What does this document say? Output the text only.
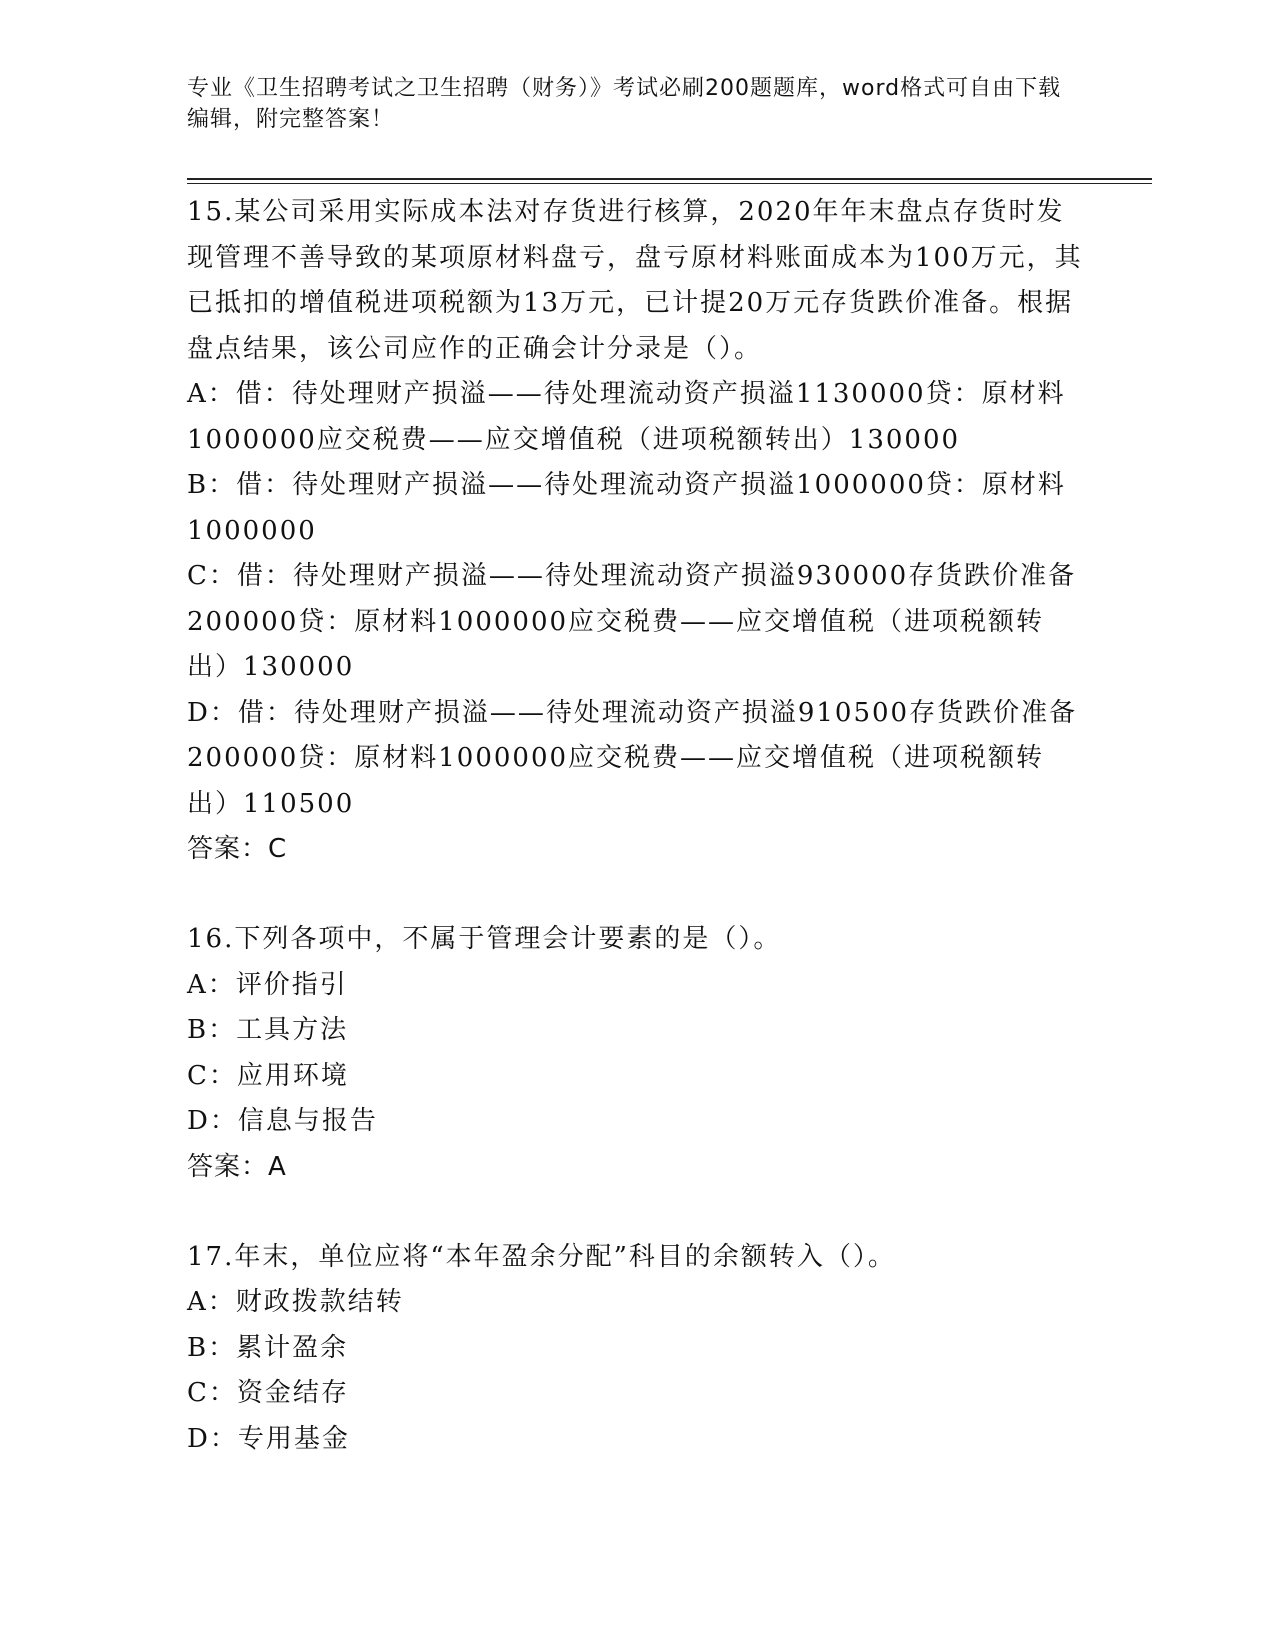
专业《卫生招聘考试之卫生招聘（财务）》考试必刷200题题库，word格式可自由下载编辑，附完整答案！
15.某公司采用实际成本法对存货进行核算，2020年年末盘点存货时发现管理不善导致的某项原材料盘亏，盘亏原材料账面成本为100万元，其已抵扣的增值税进项税额为13万元，已计提20万元存货跌价准备。根据盘点结果，该公司应作的正确会计分录是（）。
A：借：待处理财产损溢——待处理流动资产损溢1130000贷：原材料1000000应交税费——应交增值税（进项税额转出）130000
B：借：待处理财产损溢——待处理流动资产损溢1000000贷：原材料1000000
C：借：待处理财产损溢——待处理流动资产损溢930000存货跌价准备200000贷：原材料1000000应交税费——应交增值税（进项税额转出）130000
D：借：待处理财产损溢——待处理流动资产损溢910500存货跌价准备200000贷：原材料1000000应交税费——应交增值税（进项税额转出）110500
答案：C
16.下列各项中，不属于管理会计要素的是（）。
A：评价指引
B：工具方法
C：应用环境
D：信息与报告
答案：A
17.年末，单位应将“本年盈余分配”科目的余额转入（）。
A：财政拨款结转
B：累计盈余
C：资金结存
D：专用基金
